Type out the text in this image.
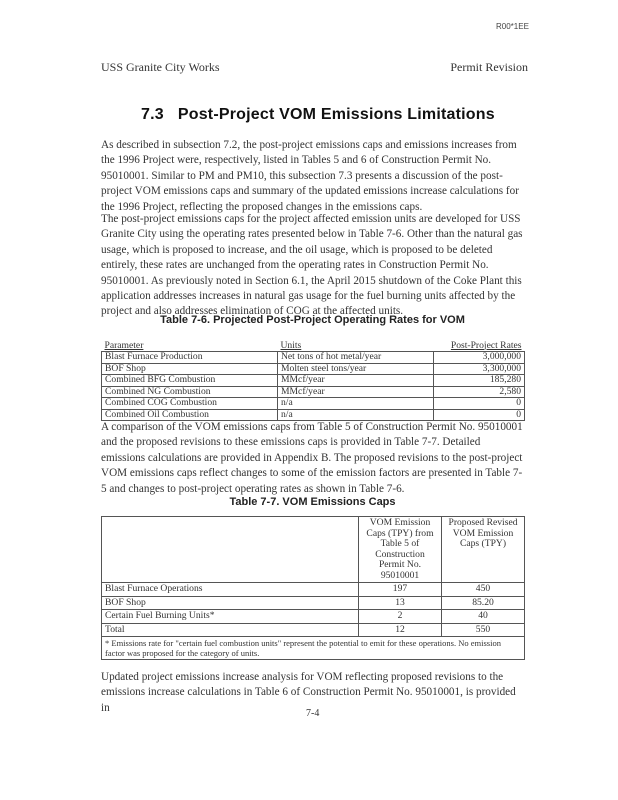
R00*1EE
USS Granite City Works	Permit Revision
7.3 Post-Project VOM Emissions Limitations

As described in subsection 7.2, the post-project emissions caps and emissions increases from the 1996 Project were, respectively, listed in Tables 5 and 6 of Construction Permit No. 95010001. Similar to PM and PM10, this subsection 7.3 presents a discussion of the post-project VOM emissions caps and summary of the updated emissions increase calculations for the 1996 Project, reflecting the proposed changes in the emissions caps.

The post-project emissions caps for the project affected emission units are developed for USS Granite City using the operating rates presented below in Table 7-6. Other than the natural gas usage, which is proposed to increase, and the oil usage, which is proposed to be deleted entirely, these rates are unchanged from the operating rates in Construction Permit No. 95010001. As previously noted in Section 6.1, the April 2015 shutdown of the Coke Plant this application addresses increases in natural gas usage for the fuel burning units affected by the project and also addresses elimination of COG at the affected units.

Table 7-6. Projected Post-Project Operating Rates for VOM
Parameter	Units	Post-Project Rates
Blast Furnace Production	Net tons of hot metal/year	3,000,000
BOF Shop	Molten steel tons/year	3,300,000
Combined BFG Combustion	MMcf/year	185,280
Combined NG Combustion	MMcf/year	2,580
Combined COG Combustion	n/a	0
Combined Oil Combustion	n/a	0

A comparison of the VOM emissions caps from Table 5 of Construction Permit No. 95010001 and the proposed revisions to these emissions caps is provided in Table 7-7. Detailed emissions calculations are provided in Appendix B. The proposed revisions to the post-project VOM emissions caps reflect changes to some of the emission factors are presented in Table 7-5 and changes to post-project operating rates as shown in Table 7-6.

Table 7-7. VOM Emissions Caps
	VOM Emission Caps (TPY) from Table 5 of Construction Permit No. 95010001	Proposed Revised VOM Emission Caps (TPY)
Blast Furnace Operations	197	450
BOF Shop	13	85.20
Certain Fuel Burning Units*	2	40
Total	12	550
* Emissions rate for "certain fuel combustion units" represent the potential to emit for these operations. No emission factor was proposed for the category of units.		

Updated project emissions increase analysis for VOM reflecting proposed revisions to the emissions increase calculations in Table 6 of Construction Permit No. 95010001, is provided in	7-4
